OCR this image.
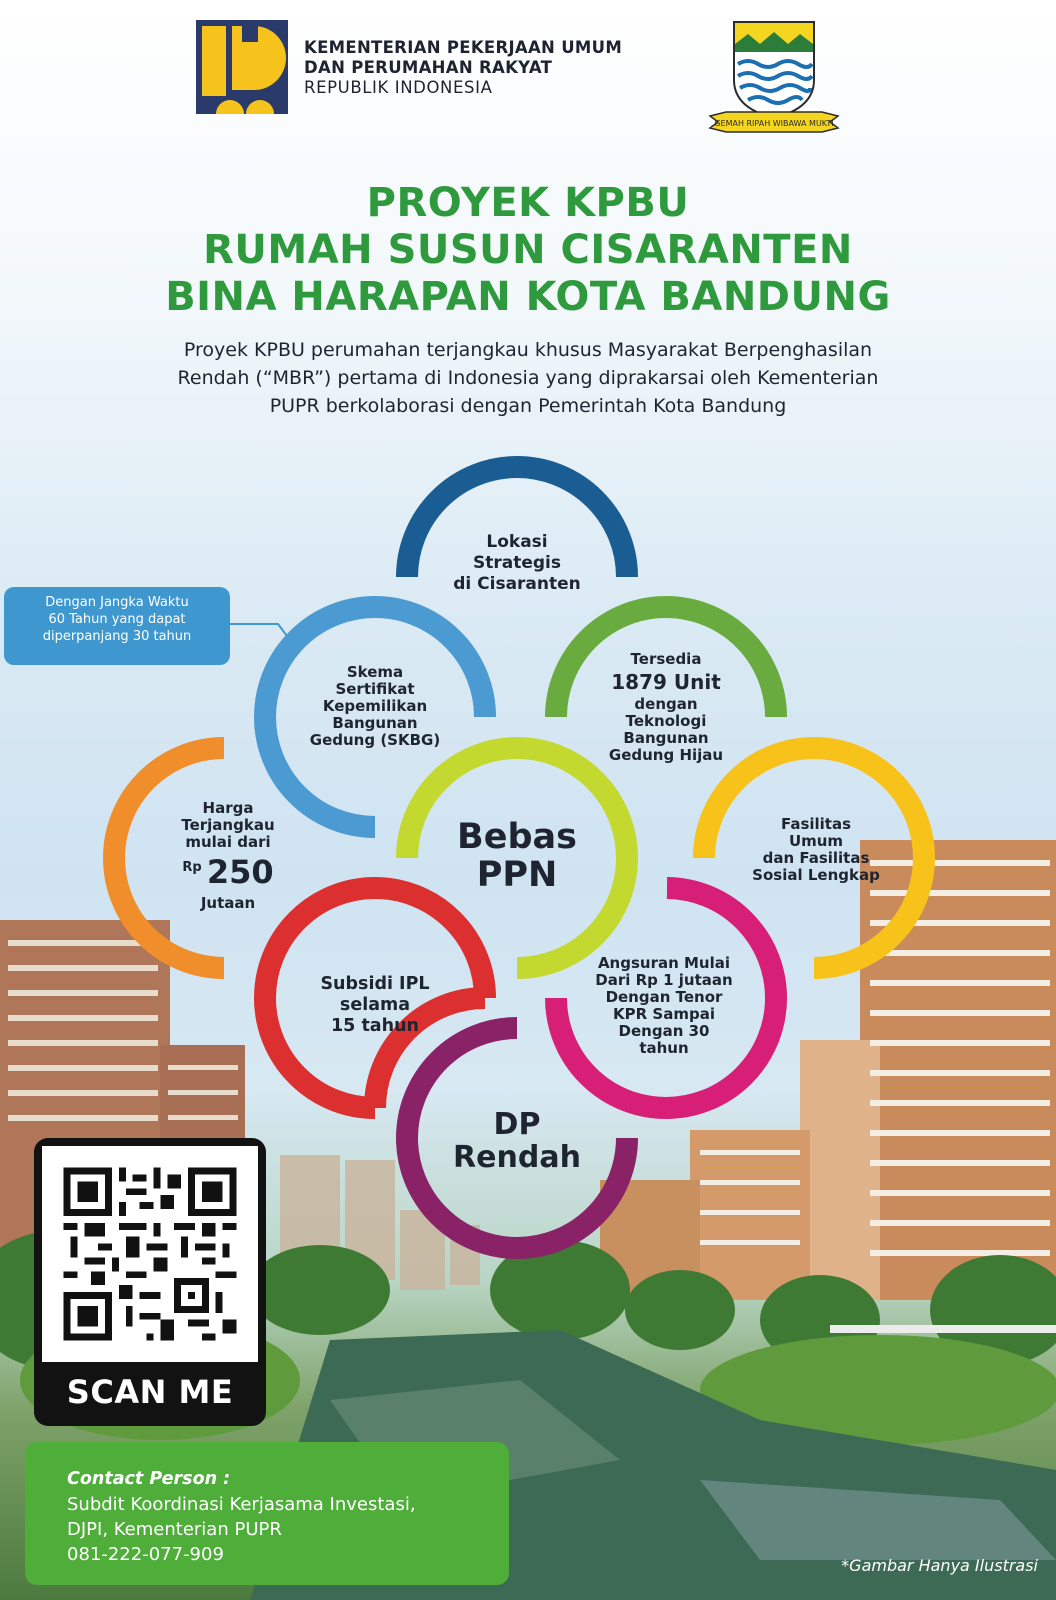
KEMENTERIAN PEKERJAAN UMUM
DAN PERUMAHAN RAKYAT
REPUBLIK INDONESIA
GEMAH RIPAH WIBAWA MUKTI
PROYEK KPBU
RUMAH SUSUN CISARANTEN
BINA HARAPAN KOTA BANDUNG
Proyek KPBU perumahan terjangkau khusus Masyarakat Berpenghasilan
Rendah (“MBR”) pertama di Indonesia yang diprakarsai oleh Kementerian
PUPR berkolaborasi dengan Pemerintah Kota Bandung
Dengan Jangka Waktu
60 Tahun yang dapat
diperpanjang 30 tahun
Lokasi
Strategis
di Cisaranten
Skema
Sertifikat
Kepemilikan
Bangunan
Gedung (SKBG)
Tersedia
1879 Unit
dengan
Teknologi
Bangunan
Gedung Hijau
Harga
Terjangkau
mulai dari
Rp 250
Jutaan
Bebas
PPN
Fasilitas
Umum
dan Fasilitas
Sosial Lengkap
Subsidi IPL
selama
15 tahun
Angsuran Mulai
Dari Rp 1 jutaan
Dengan Tenor
KPR Sampai
Dengan 30
tahun
DP
Rendah
SCAN ME
Contact Person :
Subdit Koordinasi Kerjasama Investasi,
DJPI, Kementerian PUPR
081-222-077-909
*Gambar Hanya Ilustrasi
